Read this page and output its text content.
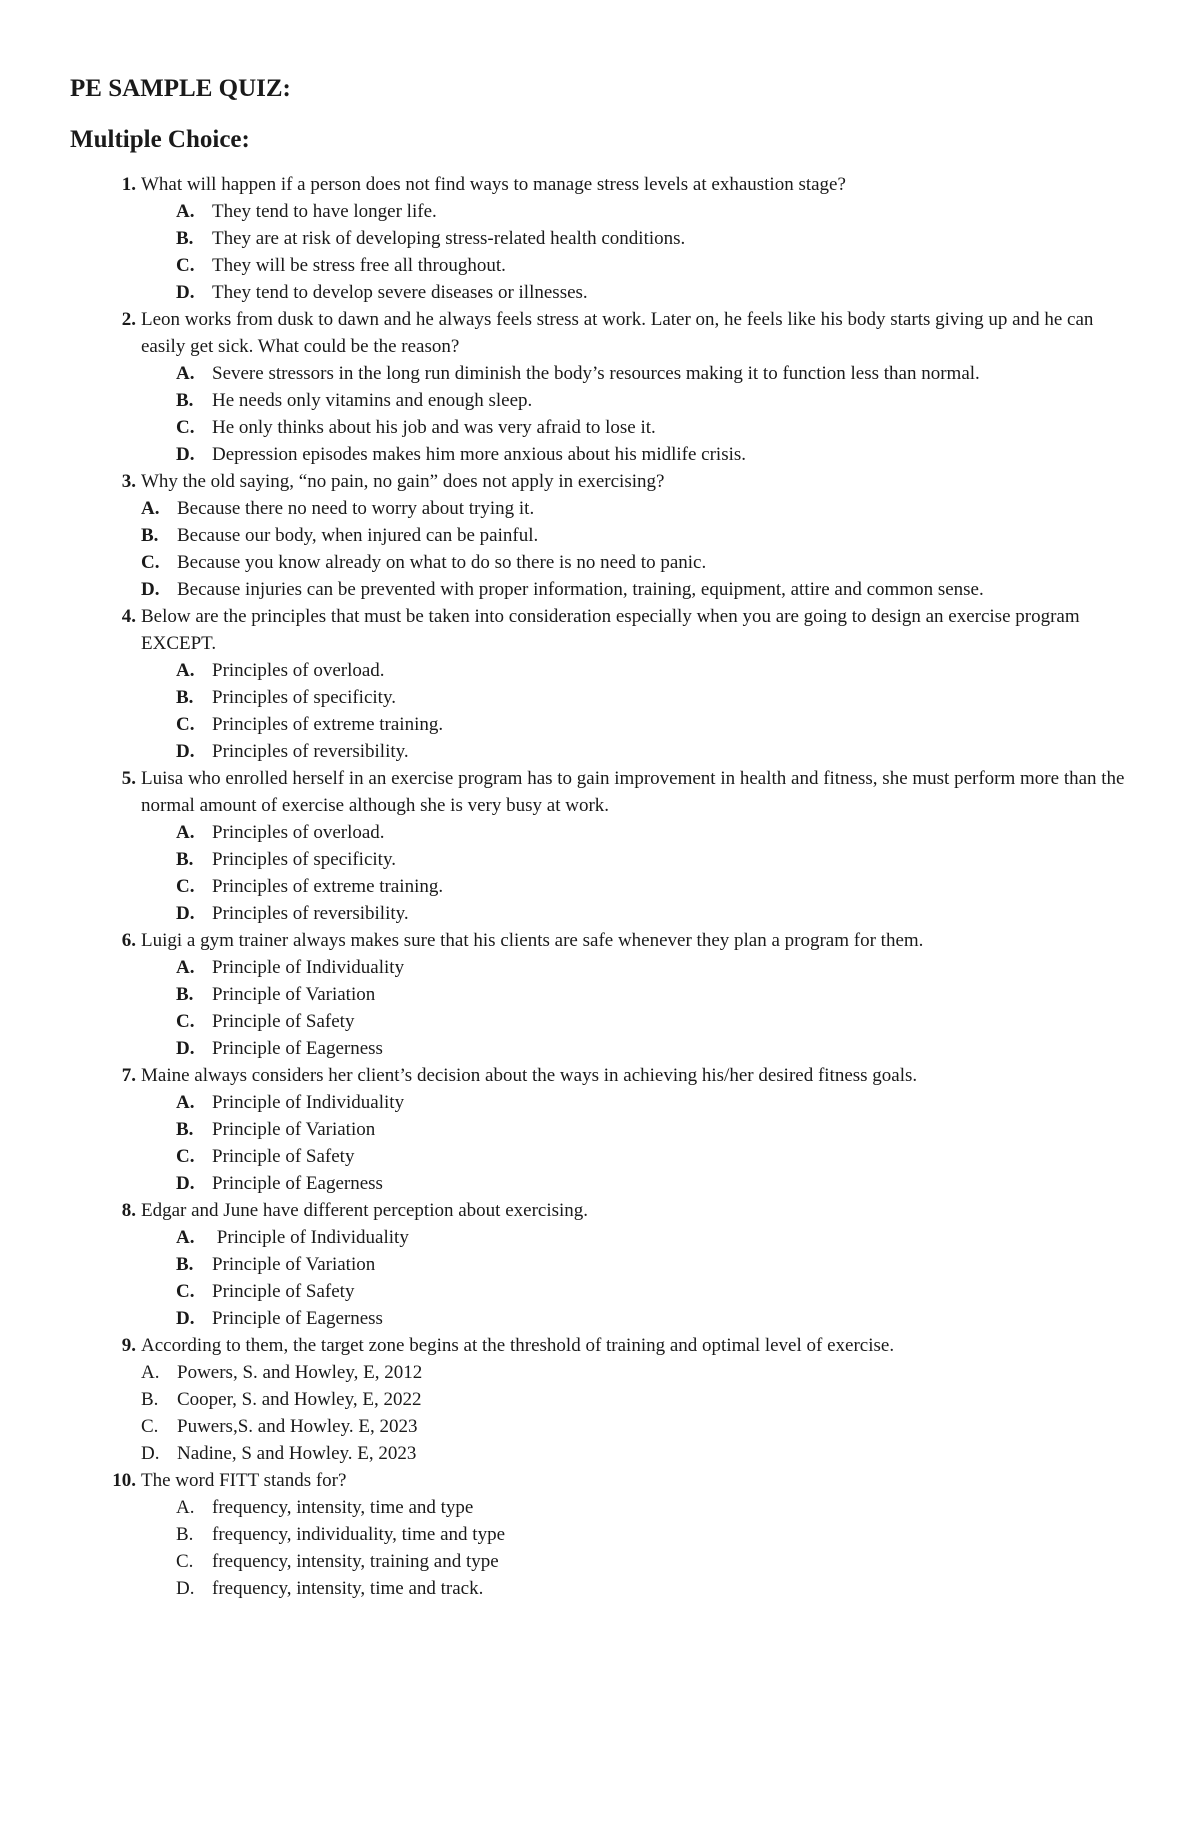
PE SAMPLE QUIZ:
Multiple Choice:
1. What will happen if a person does not find ways to manage stress levels at exhaustion stage?
A. They tend to have longer life.
B. They are at risk of developing stress-related health conditions.
C. They will be stress free all throughout.
D. They tend to develop severe diseases or illnesses.
2. Leon works from dusk to dawn and he always feels stress at work. Later on, he feels like his body starts giving up and he can easily get sick. What could be the reason?
A. Severe stressors in the long run diminish the body’s resources making it to function less than normal.
B. He needs only vitamins and enough sleep.
C. He only thinks about his job and was very afraid to lose it.
D. Depression episodes makes him more anxious about his midlife crisis.
3. Why the old saying, “no pain, no gain” does not apply in exercising?
A. Because there no need to worry about trying it.
B. Because our body, when injured can be painful.
C. Because you know already on what to do so there is no need to panic.
D. Because injuries can be prevented with proper information, training, equipment, attire and common sense.
4. Below are the principles that must be taken into consideration especially when you are going to design an exercise program EXCEPT.
A. Principles of overload.
B. Principles of specificity.
C. Principles of extreme training.
D. Principles of reversibility.
5. Luisa who enrolled herself in an exercise program has to gain improvement in health and fitness, she must perform more than the normal amount of exercise although she is very busy at work.
A. Principles of overload.
B. Principles of specificity.
C. Principles of extreme training.
D. Principles of reversibility.
6. Luigi a gym trainer always makes sure that his clients are safe whenever they plan a program for them.
A. Principle of Individuality
B. Principle of Variation
C. Principle of Safety
D. Principle of Eagerness
7. Maine always considers her client’s decision about the ways in achieving his/her desired fitness goals.
A. Principle of Individuality
B. Principle of Variation
C. Principle of Safety
D. Principle of Eagerness
8. Edgar and June have different perception about exercising.
A. Principle of Individuality
B. Principle of Variation
C. Principle of Safety
D. Principle of Eagerness
9. According to them, the target zone begins at the threshold of training and optimal level of exercise.
A. Powers, S. and Howley, E, 2012
B. Cooper, S. and Howley, E, 2022
C. Puwers,S. and Howley. E, 2023
D. Nadine, S and Howley. E, 2023
10. The word FITT stands for?
A. frequency, intensity, time and type
B. frequency, individuality, time and type
C. frequency, intensity, training and type
D. frequency, intensity, time and track.
